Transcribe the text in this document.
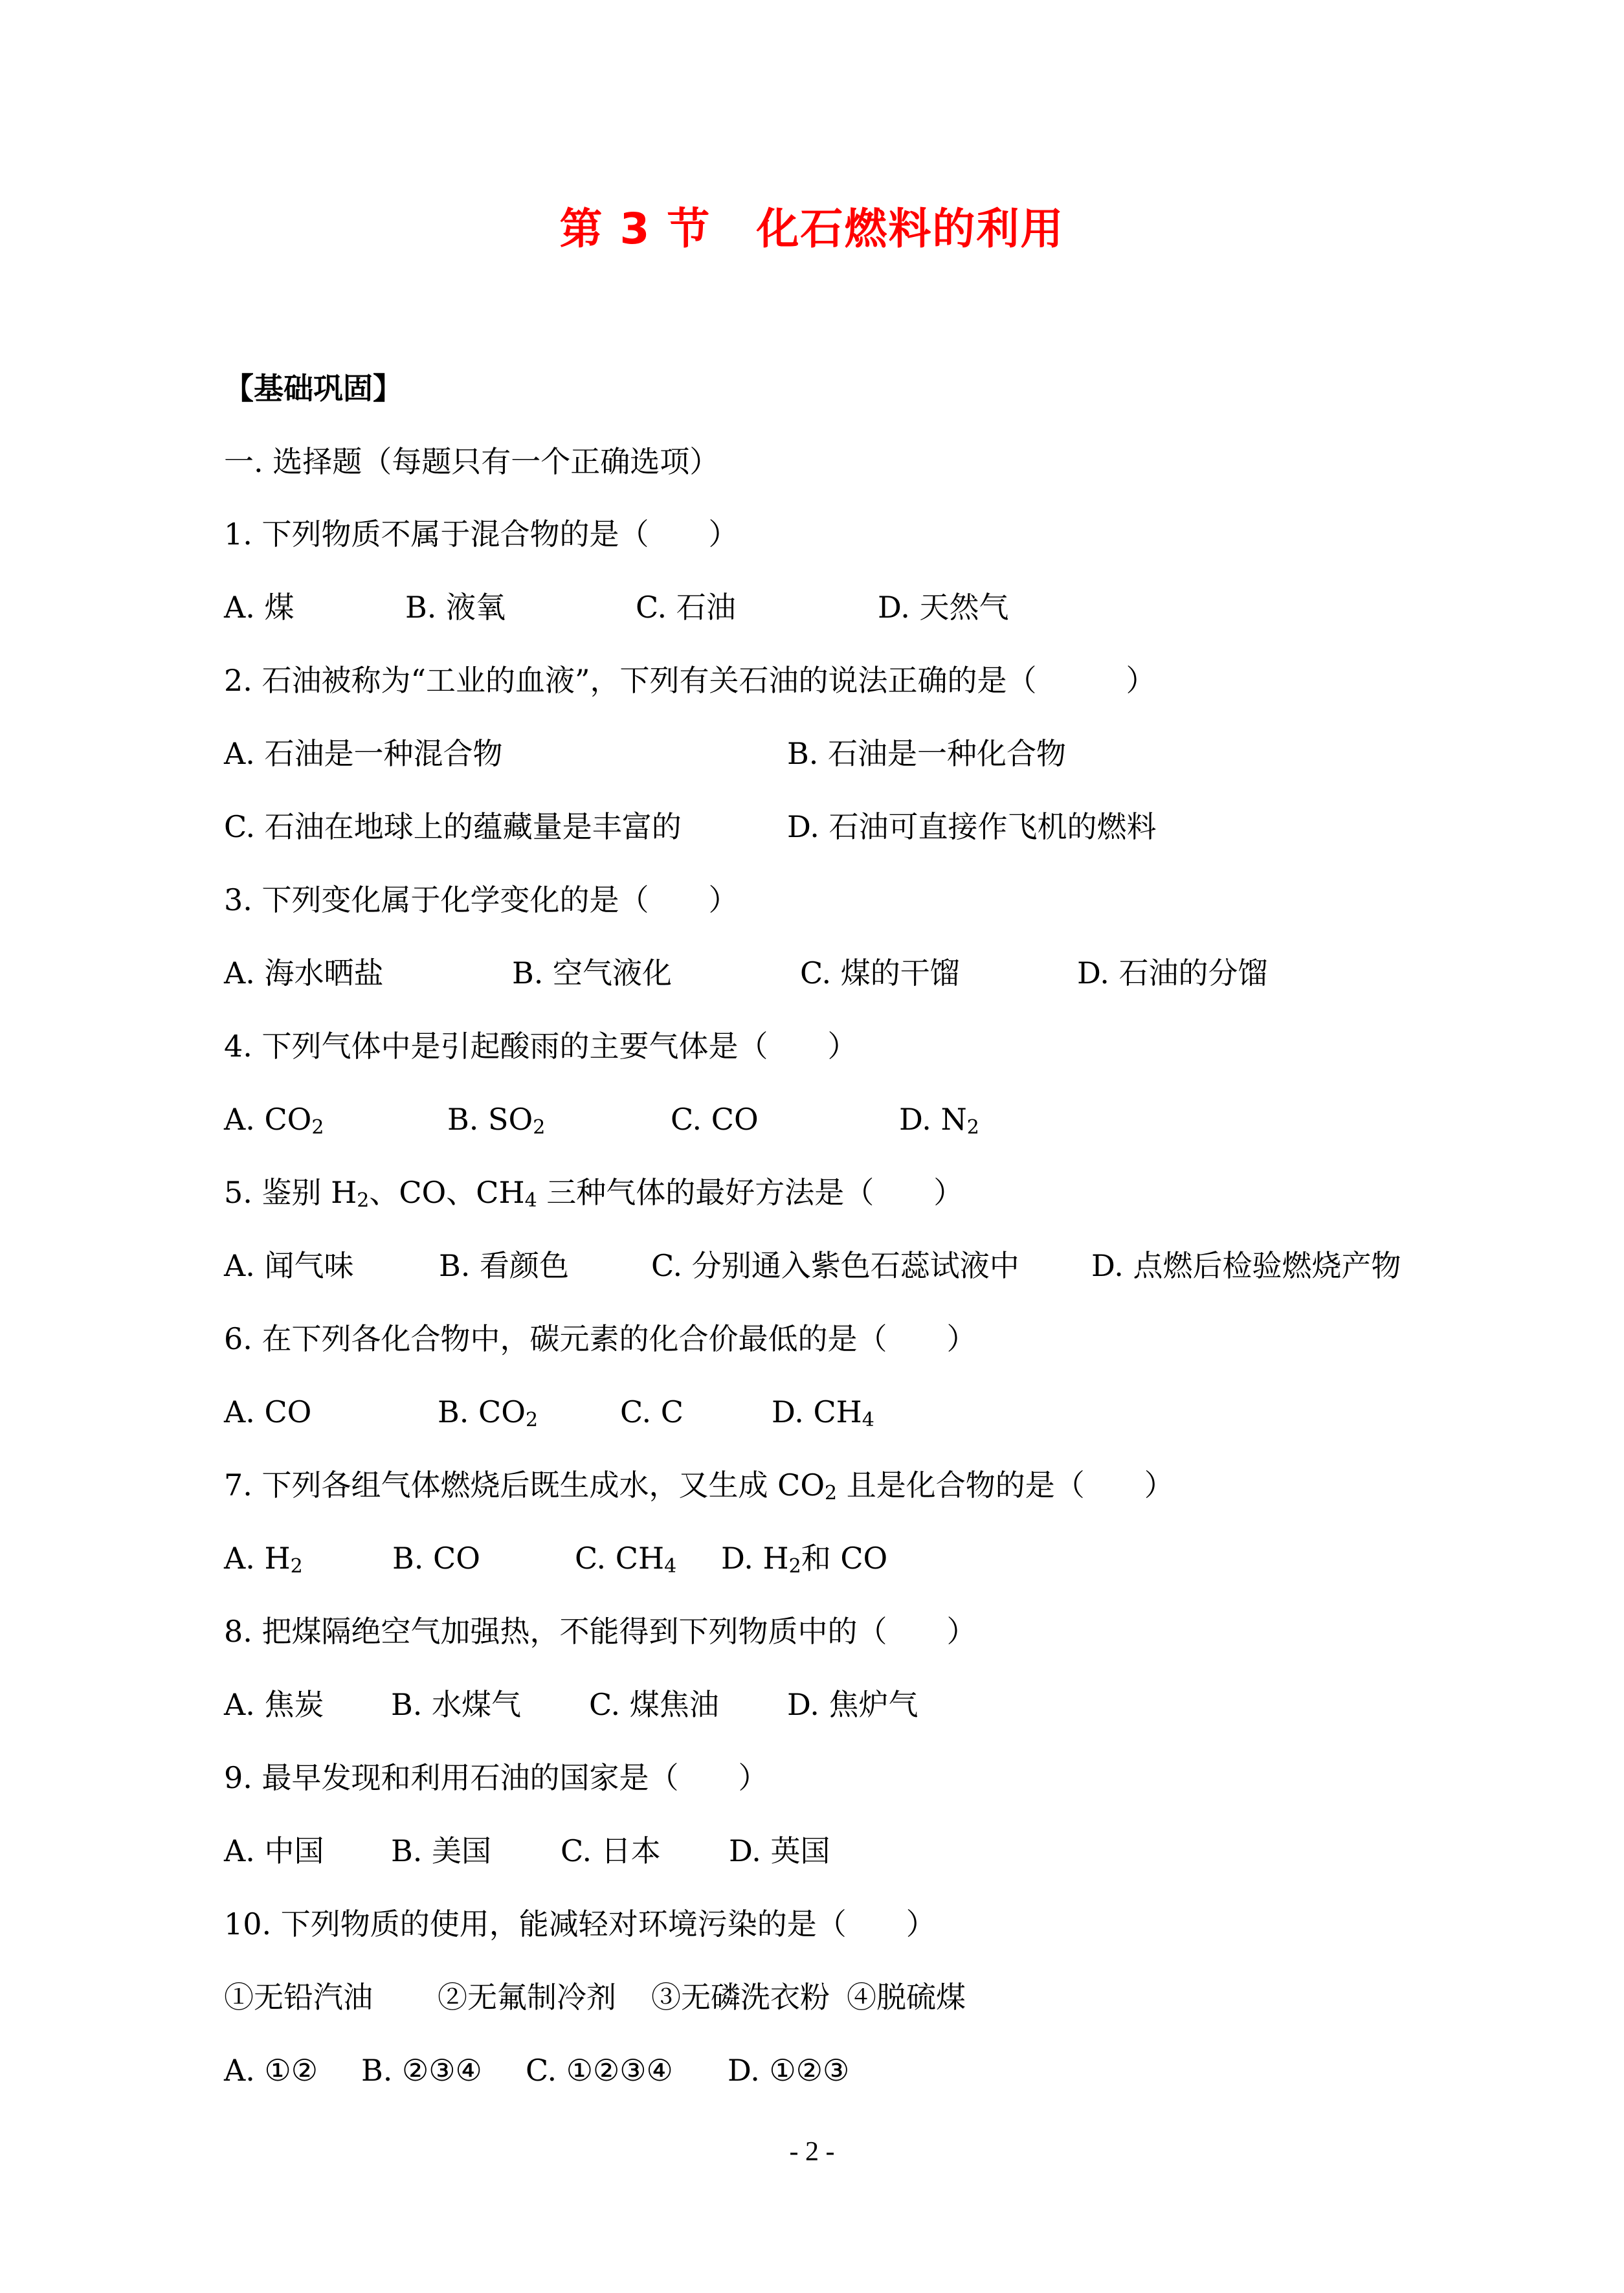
第 3 节 化石燃料的利用
【基础巩固】
一. 选择题（每题只有一个正确选项）
1. 下列物质不属于混合物的是（　　）
A. 煤	B. 液氧	C. 石油	D. 天然气
2. 石油被称为“工业的血液”，下列有关石油的说法正确的是（　　　）
A. 石油是一种混合物	B. 石油是一种化合物
C. 石油在地球上的蕴藏量是丰富的	D. 石油可直接作飞机的燃料
3. 下列变化属于化学变化的是（　　）
A. 海水晒盐	B. 空气液化	C. 煤的干馏	D. 石油的分馏
4. 下列气体中是引起酸雨的主要气体是（　　）
A. $CO_2$	B. $SO_2$	C. CO	D. $N_2$
5. 鉴别 $H_2$、CO、$CH_4$ 三种气体的最好方法是（　　）
A. 闻气味	B. 看颜色	C. 分别通入紫色石蕊试液中 D. 点燃后检验燃烧产物
6. 在下列各化合物中，碳元素的化合价最低的是（　　）
A. CO	B. $CO_2$	C. C	D. $CH_4$
7. 下列各组气体燃烧后既生成水，又生成 $CO_2$ 且是化合物的是（　　）
A. $H_2$	B. CO	C. $CH_4$ D. $H_2$和 CO
8. 把煤隔绝空气加强热，不能得到下列物质中的（　　）
A. 焦炭 B. 水煤气 C. 煤焦油 D. 焦炉气
9. 最早发现和利用石油的国家是（　　）
A. 中国 B. 美国 C. 日本 D. 英国
10. 下列物质的使用，能减轻对环境污染的是（　　）
①无铅汽油 ②无氟制冷剂 ③无磷洗衣粉 ④脱硫煤
A. ①② B. ②③④ C. ①②③④ D. ①②③
- 2 -
